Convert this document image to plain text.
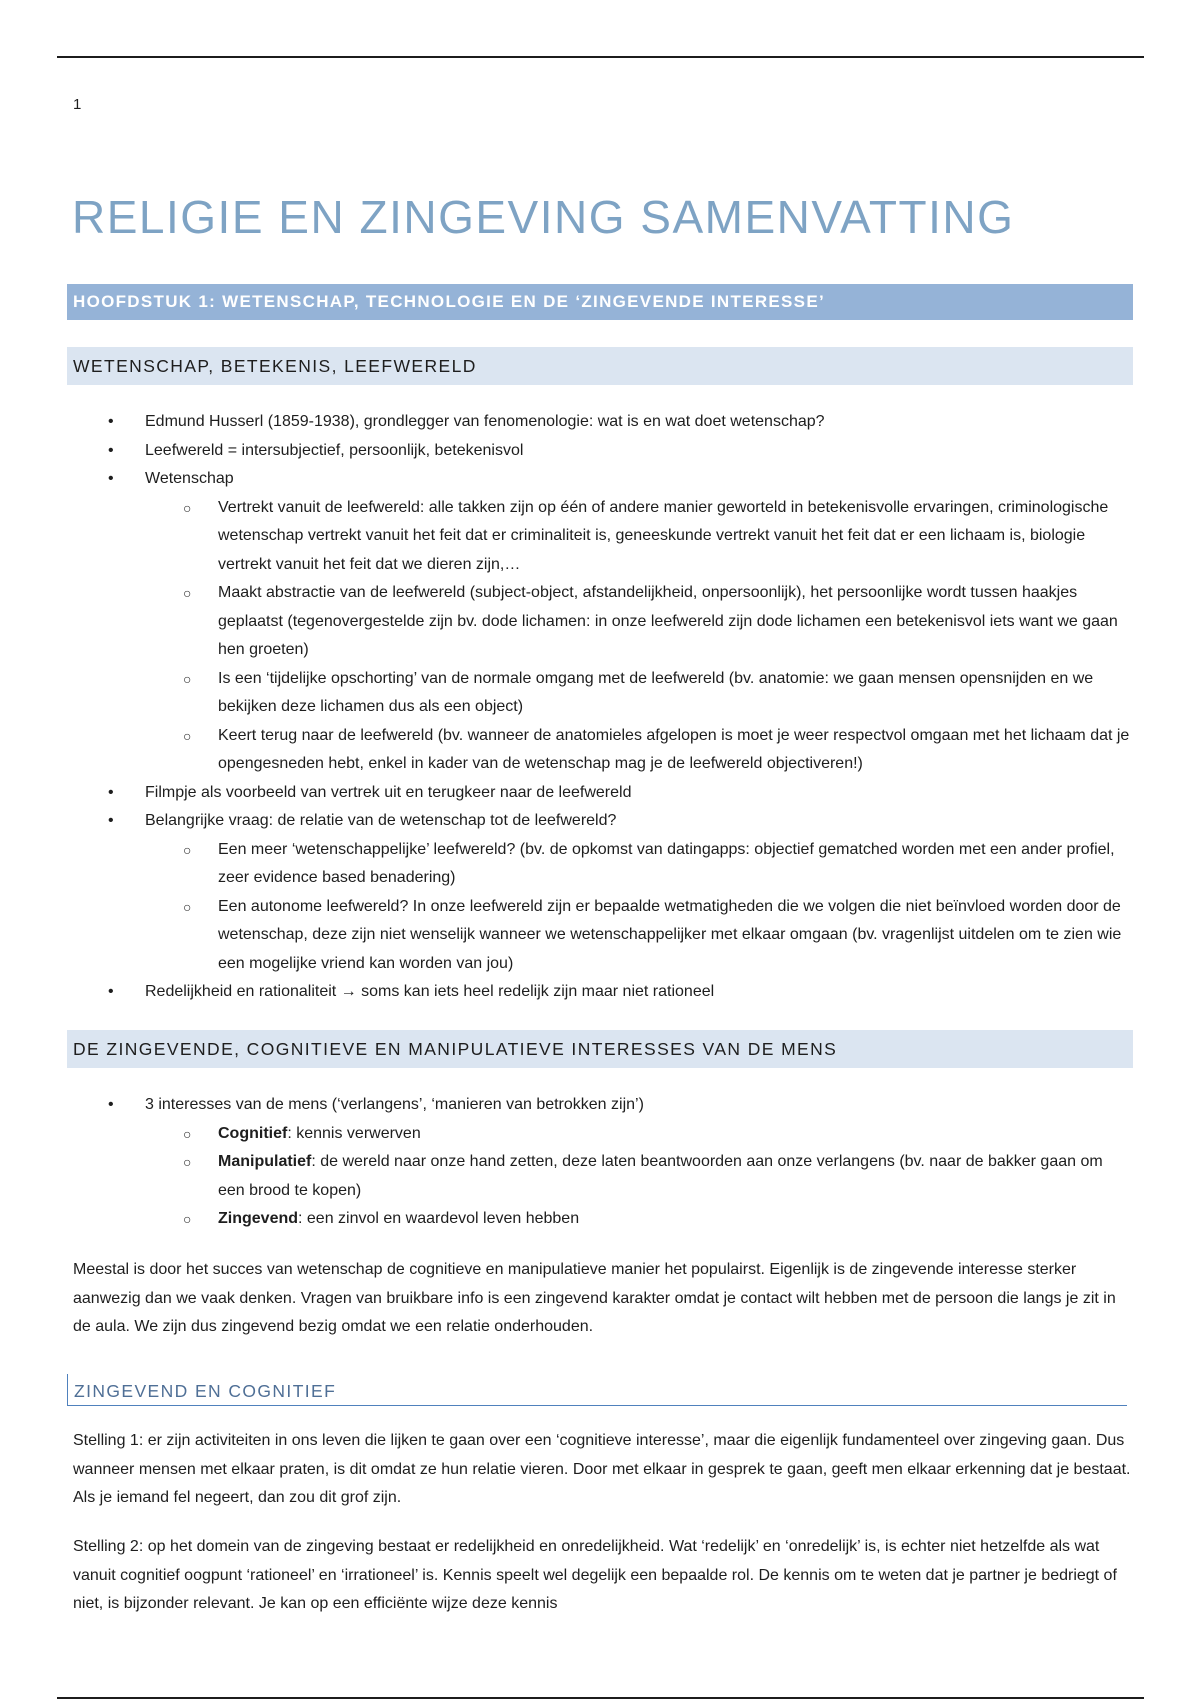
1
RELIGIE EN ZINGEVING SAMENVATTING
HOOFDSTUK 1: WETENSCHAP, TECHNOLOGIE EN DE ‘ZINGEVENDE INTERESSE’
WETENSCHAP, BETEKENIS, LEEFWERELD
• Edmund Husserl (1859-1938), grondlegger van fenomenologie: wat is en wat doet wetenschap?
• Leefwereld = intersubjectief, persoonlijk, betekenisvol
• Wetenschap
○ Vertrekt vanuit de leefwereld: alle takken zijn op één of andere manier geworteld in betekenisvolle ervaringen, criminologische wetenschap vertrekt vanuit het feit dat er criminaliteit is, geneeskunde vertrekt vanuit het feit dat er een lichaam is, biologie vertrekt vanuit het feit dat we dieren zijn,…
○ Maakt abstractie van de leefwereld (subject-object, afstandelijkheid, onpersoonlijk), het persoonlijke wordt tussen haakjes geplaatst (tegenovergestelde zijn bv. dode lichamen: in onze leefwereld zijn dode lichamen een betekenisvol iets want we gaan hen groeten)
○ Is een ‘tijdelijke opschorting’ van de normale omgang met de leefwereld (bv. anatomie: we gaan mensen opensnijden en we bekijken deze lichamen dus als een object)
○ Keert terug naar de leefwereld (bv. wanneer de anatomieles afgelopen is moet je weer respectvol omgaan met het lichaam dat je opengesneden hebt, enkel in kader van de wetenschap mag je de leefwereld objectiveren!)
• Filmpje als voorbeeld van vertrek uit en terugkeer naar de leefwereld
• Belangrijke vraag: de relatie van de wetenschap tot de leefwereld?
○ Een meer ‘wetenschappelijke’ leefwereld? (bv. de opkomst van datingapps: objectief gematched worden met een ander profiel, zeer evidence based benadering)
○ Een autonome leefwereld? In onze leefwereld zijn er bepaalde wetmatigheden die we volgen die niet beïnvloed worden door de wetenschap, deze zijn niet wenselijk wanneer we wetenschappelijker met elkaar omgaan (bv. vragenlijst uitdelen om te zien wie een mogelijke vriend kan worden van jou)
• Redelijkheid en rationaliteit → soms kan iets heel redelijk zijn maar niet rationeel
DE ZINGEVENDE, COGNITIEVE EN MANIPULATIEVE INTERESSES VAN DE MENS
• 3 interesses van de mens (‘verlangens’, ‘manieren van betrokken zijn’)
○ Cognitief: kennis verwerven
○ Manipulatief: de wereld naar onze hand zetten, deze laten beantwoorden aan onze verlangens (bv. naar de bakker gaan om een brood te kopen)
○ Zingevend: een zinvol en waardevol leven hebben

Meestal is door het succes van wetenschap de cognitieve en manipulatieve manier het populairst. Eigenlijk is de zingevende interesse sterker aanwezig dan we vaak denken. Vragen van bruikbare info is een zingevend karakter omdat je contact wilt hebben met de persoon die langs je zit in de aula. We zijn dus zingevend bezig omdat we een relatie onderhouden.

ZINGEVEND EN COGNITIEF

Stelling 1: er zijn activiteiten in ons leven die lijken te gaan over een ‘cognitieve interesse’, maar die eigenlijk fundamenteel over zingeving gaan. Dus wanneer mensen met elkaar praten, is dit omdat ze hun relatie vieren. Door met elkaar in gesprek te gaan, geeft men elkaar erkenning dat je bestaat. Als je iemand fel negeert, dan zou dit grof zijn.

Stelling 2: op het domein van de zingeving bestaat er redelijkheid en onredelijkheid. Wat ‘redelijk’ en ‘onredelijk’ is, is echter niet hetzelfde als wat vanuit cognitief oogpunt ‘rationeel’ en ‘irrationeel’ is. Kennis speelt wel degelijk een bepaalde rol. De kennis om te weten dat je partner je bedriegt of niet, is bijzonder relevant. Je kan op een efficiënte wijze deze kennis
